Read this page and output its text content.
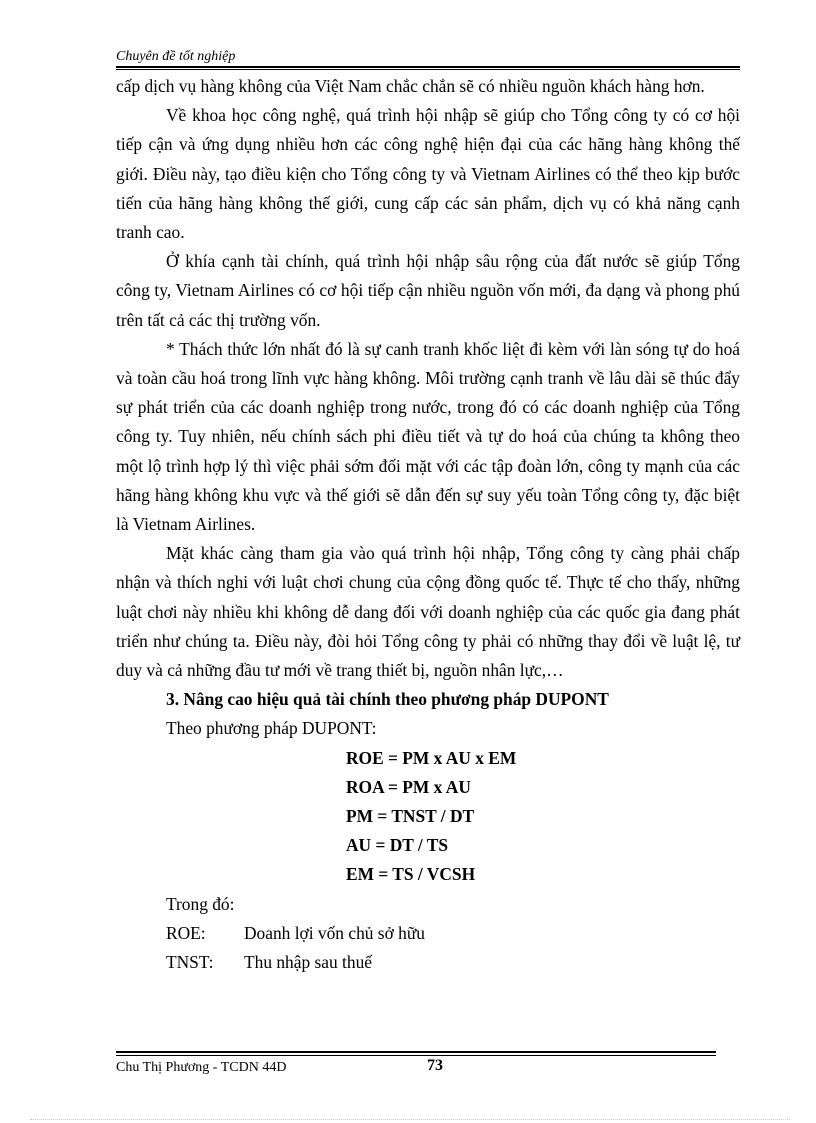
Chuyên đề tốt nghiệp

cấp dịch vụ hàng không của Việt Nam chắc chắn sẽ có nhiều nguồn khách hàng hơn.

Về khoa học công nghệ, quá trình hội nhập sẽ giúp cho Tổng công ty có cơ hội tiếp cận và ứng dụng nhiều hơn các công nghệ hiện đại của các hãng hàng không thế giới. Điều này, tạo điều kiện cho Tổng công ty và Vietnam Airlines có thể theo kịp bước tiến của hãng hàng không thế giới, cung cấp các sản phẩm, dịch vụ có khả năng cạnh tranh cao.

Ở khía cạnh tài chính, quá trình hội nhập sâu rộng của đất nước sẽ giúp Tổng công ty, Vietnam Airlines có cơ hội tiếp cận nhiều nguồn vốn mới, đa dạng và phong phú trên tất cả các thị trường vốn.

* Thách thức lớn nhất đó là sự canh tranh khốc liệt đi kèm với làn sóng tự do hoá và toàn cầu hoá trong lĩnh vực hàng không. Môi trường cạnh tranh về lâu dài sẽ thúc đẩy sự phát triển của các doanh nghiệp trong nước, trong đó có các doanh nghiệp của Tổng công ty. Tuy nhiên, nếu chính sách phi điều tiết và tự do hoá của chúng ta không theo một lộ trình hợp lý thì việc phải sớm đối mặt với các tập đoàn lớn, công ty mạnh của các hãng hàng không khu vực và thế giới sẽ dẫn đến sự suy yếu toàn Tổng công ty, đặc biệt là Vietnam Airlines.

Mặt khác càng tham gia vào quá trình hội nhập, Tổng công ty càng phải chấp nhận và thích nghi với luật chơi chung của cộng đồng quốc tế. Thực tế cho thấy, những luật chơi này nhiều khi không dễ dang đối với doanh nghiệp của các quốc gia đang phát triển như chúng ta. Điều này, đòi hỏi Tổng công ty phải có những thay đổi về luật lệ, tư duy và cả những đầu tư mới về trang thiết bị, nguồn nhân lực,…

3. Nâng cao hiệu quả tài chính theo phương pháp DUPONT

Theo phương pháp DUPONT:

ROE = PM x AU x EM
ROA = PM x AU
PM = TNST / DT
AU = DT / TS
EM = TS / VCSH

Trong đó:

ROE:	Doanh lợi vốn chủ sở hữu
TNST:	Thu nhập sau thuế
Chu Thị Phương - TCDN 44D	73
